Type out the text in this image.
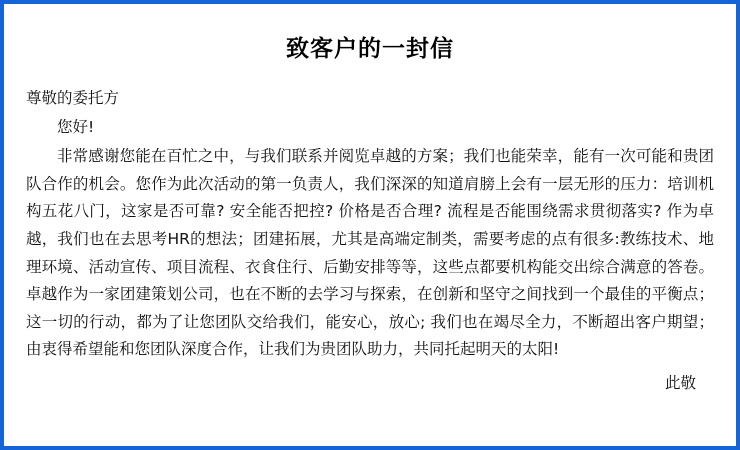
致客户的一封信
尊敬的委托方
您好!

非常感谢您能在百忙之中，与我们联系并阅览卓越的方案；我们也能荣幸，能有一次可能和贵团队合作的机会。您作为此次活动的第一负责人，我们深深的知道肩膀上会有一层无形的压力：培训机构五花八门，这家是否可靠? 安全能否把控? 价格是否合理? 流程是否能围绕需求贯彻落实? 作为卓越，我们也在去思考HR的想法；团建拓展，尤其是高端定制类，需要考虑的点有很多:教练技术、地理环境、活动宣传、项目流程、衣食住行、后勤安排等等，这些点都要机构能交出综合满意的答卷。卓越作为一家团建策划公司，也在不断的去学习与探索，在创新和坚守之间找到一个最佳的平衡点；这一切的行动，都为了让您团队交给我们，能安心，放心; 我们也在竭尽全力，不断超出客户期望；由衷得希望能和您团队深度合作，让我们为贵团队助力，共同托起明天的太阳!

此敬
